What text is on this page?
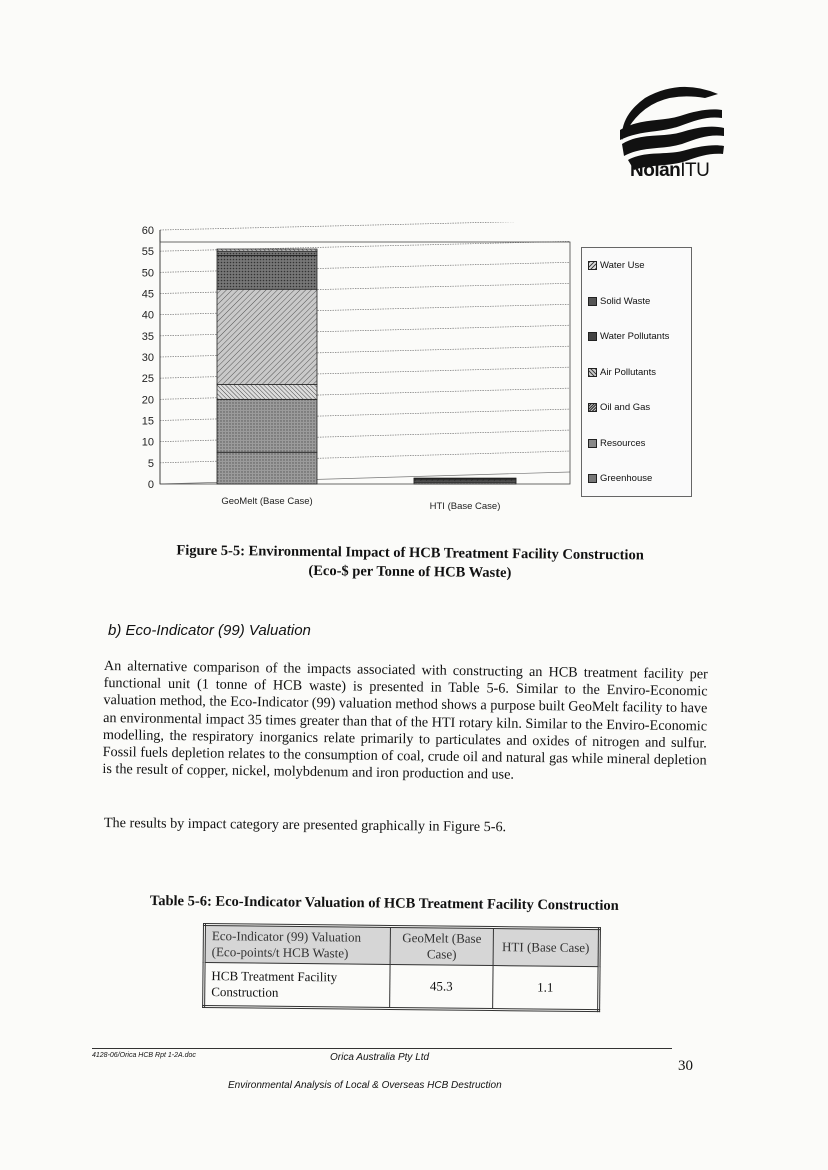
NolanITU
0
5
10
15
20
25
30
35
40
45
50
55
60
GeoMelt (Base Case)	HTI (Base Case)
Water Use
Solid Waste
Water Pollutants
Air Pollutants
Oil and Gas
Resources
Greenhouse
Figure 5-5: Environmental Impact of HCB Treatment Facility Construction
(Eco-$ per Tonne of HCB Waste)
b) Eco-Indicator (99) Valuation
An alternative comparison of the impacts associated with constructing an HCB treatment facility per functional unit (1 tonne of HCB waste) is presented in Table 5-6. Similar to the Enviro-Economic valuation method, the Eco-Indicator (99) valuation method shows a purpose built GeoMelt facility to have an environmental impact 35 times greater than that of the HTI rotary kiln. Similar to the Enviro-Economic modelling, the respiratory inorganics relate primarily to particulates and oxides of nitrogen and sulfur. Fossil fuels depletion relates to the consumption of coal, crude oil and natural gas while mineral depletion is the result of copper, nickel, molybdenum and iron production and use.
The results by impact category are presented graphically in Figure 5-6.
Table 5-6: Eco-Indicator Valuation of HCB Treatment Facility Construction
Eco-Indicator (99) Valuation (Eco-points/t HCB Waste)	GeoMelt (Base Case)	HTI (Base Case)
HCB Treatment Facility Construction	45.3	1.1
4128-06/Orica HCB Rpt 1-2A.doc	Orica Australia Pty Ltd
30
Environmental Analysis of Local & Overseas HCB Destruction
